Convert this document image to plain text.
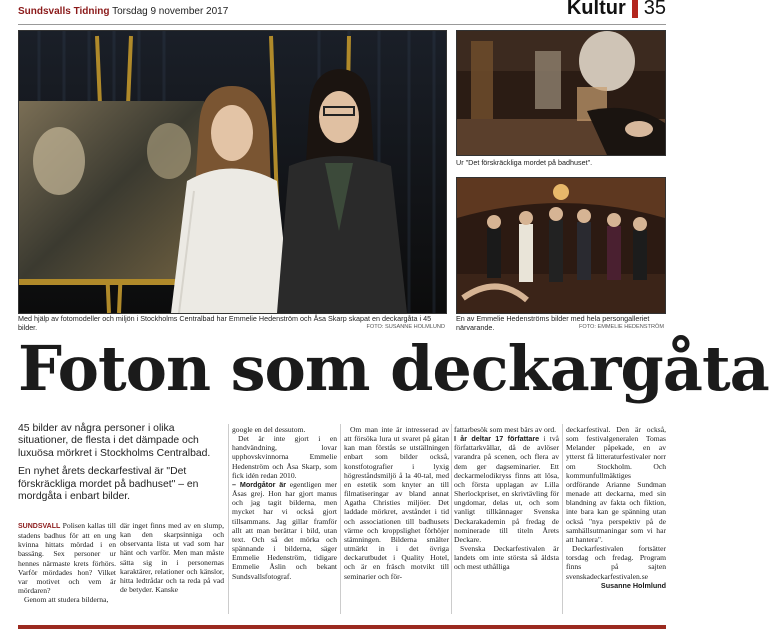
Sundsvalls Tidning Torsdag 9 november 2017	Kultur 35
Med hjälp av fotomodeller och miljön i Stockholms Centralbad har Emmelie Hedenström och Åsa Skarp skapat en deckargåta i 45 bilder.	FOTO: SUSANNE HOLMLUND
Ur "Det förskräckliga mordet på badhuset".
En av Emmelie Hedenströms bilder med hela persongalleriet närvarande.	FOTO: EMMELIE HEDENSTRÖM
Foton som deckargåta

45 bilder av några personer i olika situationer, de flesta i det dämpade och luxuösa mörkret i Stockholms Centralbad.

En nyhet årets deckarfestival är "Det förskräckliga mordet på badhuset" – en mordgåta i enbart bilder.

SUNDSVALL Polisen kallas till stadens badhus för att en ung kvinna hittats mördad i en bassäng. Sex personer ur hennes närmaste krets förhörs. Varför mördades hon? Vilket var motivet och vem är mördaren?

Genom att studera bilderna,

där inget finns med av en slump, kan den skarpsinniga och observanta lista ut vad som har hänt och varför. Men man måste sätta sig in i personernas karaktärer, relationer och känslor, hitta ledtrådar och ta reda på vad de betyder. Kanske

google en del dessutom.

Det är inte gjort i en handvändning, lovar upphovskvinnorna Emmelie Hedenström och Åsa Skarp, som fick idén redan 2010.

– Mordgåtor är egentligen mer Åsas grej. Hon har gjort manus och jag tagit bilderna, men mycket har vi också gjort tillsammans. Jag gillar framför allt att man berättar i bild, utan text. Och så det mörka och spännande i bilderna, säger Emmelie Hedenström, tidigare Emmelie Åslin och bekant Sundsvallsfotograf.

Om man inte är intresserad av att försöka lura ut svaret på gåtan kan man förstås se utställningen enbart som bilder också, konstfotografier i lyxig högreståndsmiljö å la 40-tal, med en estetik som knyter an till filmatiseringar av bland annat Agatha Christies miljöer. Det laddade mörkret, avståndet i tid och associationen till badhusets värme och kroppslighet förhöjer stämningen. Bilderna smälter utmärkt in i det övriga deckarutbudet i Quality Hotel, och är en fräsch motvikt till seminarier och för-

fattarbesök som mest bärs av ord.

I år deltar 17 författare i två författarkvällar, då de avlöser varandra på scenen, och flera av dem ger dagseminarier. Ett deckarmelodikryss finns att lösa, och första upplagan av Lilla Sherlockpriset, en skrivtävling för ungdomar, delas ut, och som vanligt tillkännager Svenska Deckarakademin på fredag de nominerade till titeln Årets Deckare.

Svenska Deckarfestivalen är landets om inte största så äldsta och mest uthålliga

deckarfestival. Den är också, som festivalgeneralen Tomas Melander påpekade, en av ytterst få litteraturfestivaler norr om Stockholm. Och kommunfullmäktiges ordförande Arianne Sundman menade att deckarna, med sin blandning av fakta och fiktion, inte bara kan ge spänning utan också "nya perspektiv på de samhällsutmaningar som vi har att hantera".

Deckarfestivalen fortsätter torsdag och fredag. Program finns på sajten svenskadeckarfestivalen.se

Susanne Holmlund
